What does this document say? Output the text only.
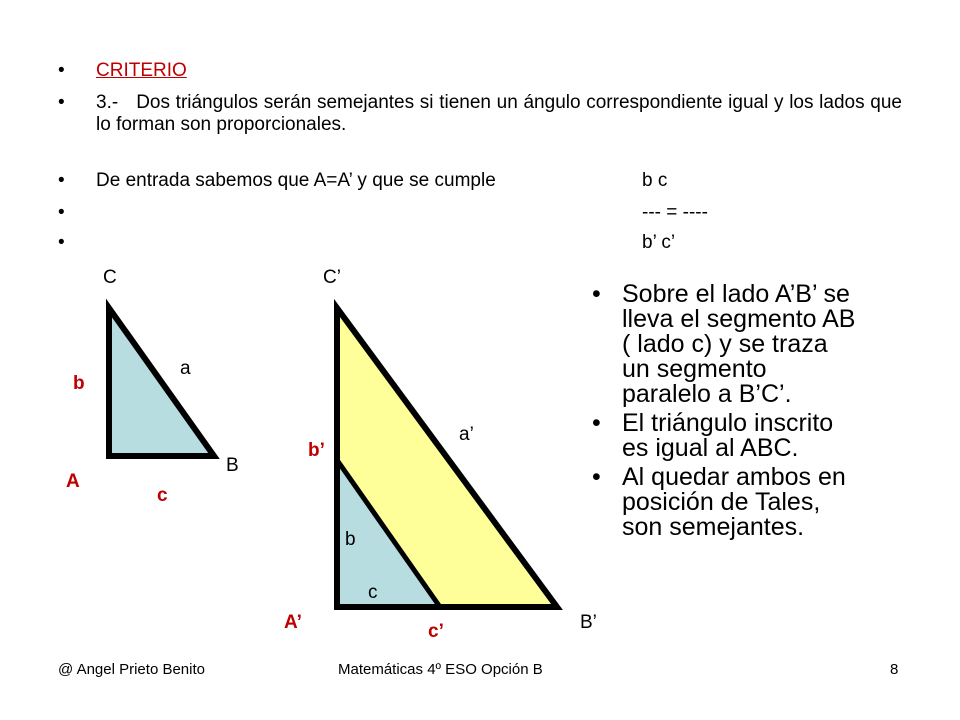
•	CRITERIO
•	3.- Dos triángulos serán semejantes si tienen un ángulo correspondiente igual y los lados que lo forman son proporcionales.
•	De entrada sabemos que A=A’ y que se cumple
•
•
b c
--- = ----
b’ c’
C
a
b
B
A
c
C’
a’
b’
b
c
A’	c’	B’
• Sobre el lado A’B’ se lleva el segmento AB ( lado c) y se traza un segmento paralelo a B’C’.
• El triángulo inscrito es igual al ABC.
• Al quedar ambos en posición de Tales, son semejantes.
@ Angel Prieto Benito	Matemáticas 4º ESO Opción B	8
